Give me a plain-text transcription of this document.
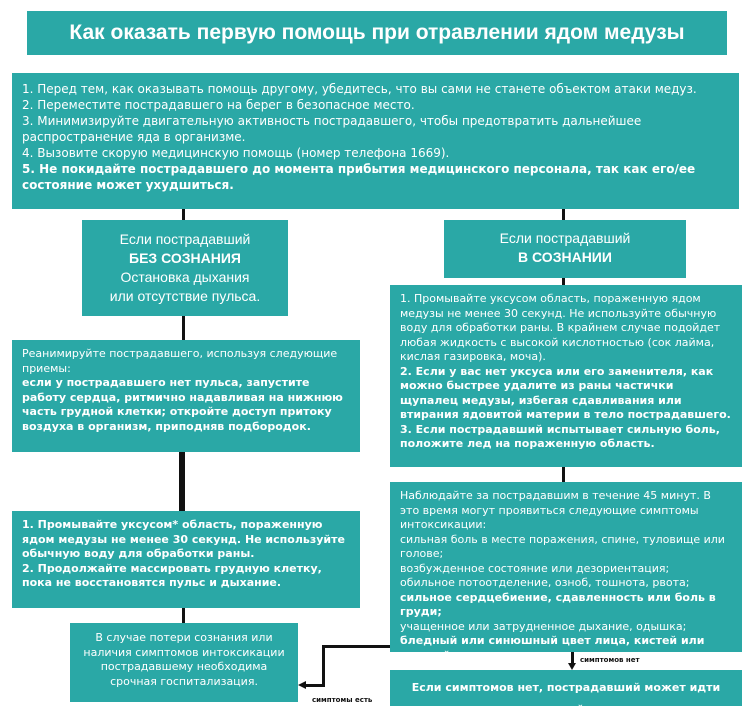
Как оказать первую помощь при отравлении ядом медузы

1. Перед тем, как оказывать помощь другому, убедитесь, что вы сами не станете объектом атаки медуз.

2. Переместите пострадавшего на берег в безопасное место.

3. Минимизируйте двигательную активность пострадавшего, чтобы предотвратить дальнейшее распространение яда в организме.

4. Вызовите скорую медицинскую помощь (номер телефона 1669).

5. Не покидайте пострадавшего до момента прибытия медицинского персонала, так как его/ее состояние может ухудшиться.

Если пострадавший
БЕЗ СОЗНАНИЯ
Остановка дыхания
или отсутствие пульса.
Если пострадавший
В СОЗНАНИИ

Реанимируйте пострадавшего, используя следующие приемы:

если у пострадавшего нет пульса, запустите работу сердца, ритмично надавливая на нижнюю часть грудной клетки; откройте доступ притоку воздуха в организм, приподняв подбородок.

1. Промывайте уксусом* область, пораженную ядом медузы не менее 30 секунд. Не используйте обычную воду для обработки раны.

2. Продолжайте массировать грудную клетку, пока не восстановятся пульс и дыхание.

В случае потери сознания или наличия симптомов интоксикации пострадавшему необходима срочная госпитализация.

1. Промывайте уксусом область, пораженную ядом медузы не менее 30 секунд. Не используйте обычную воду для обработки раны. В крайнем случае подойдет любая жидкость с высокой кислотностью (сок лайма, кислая газировка, моча).

2. Если у вас нет уксуса или его заменителя, как можно быстрее удалите из раны частички щупалец медузы, избегая сдавливания или втирания ядовитой материи в тело пострадавшего.

3. Если пострадавший испытывает сильную боль, положите лед на пораженную область.

Наблюдайте за пострадавшим в течение 45 минут. В это время могут проявиться следующие симптомы интоксикации:

сильная боль в месте поражения, спине, туловище или голове;

возбужденное состояние или дезориентация;

обильное потоотделение, озноб, тошнота, рвота;

сильное сердцебиение, сдавленность или боль в груди;

учащенное или затрудненное дыхание, одышка;

бледный или синюшный цвет лица, кистей или ступней.

Если симптомов нет, пострадавший может идти домой.
симптомов нет
симптомы есть
